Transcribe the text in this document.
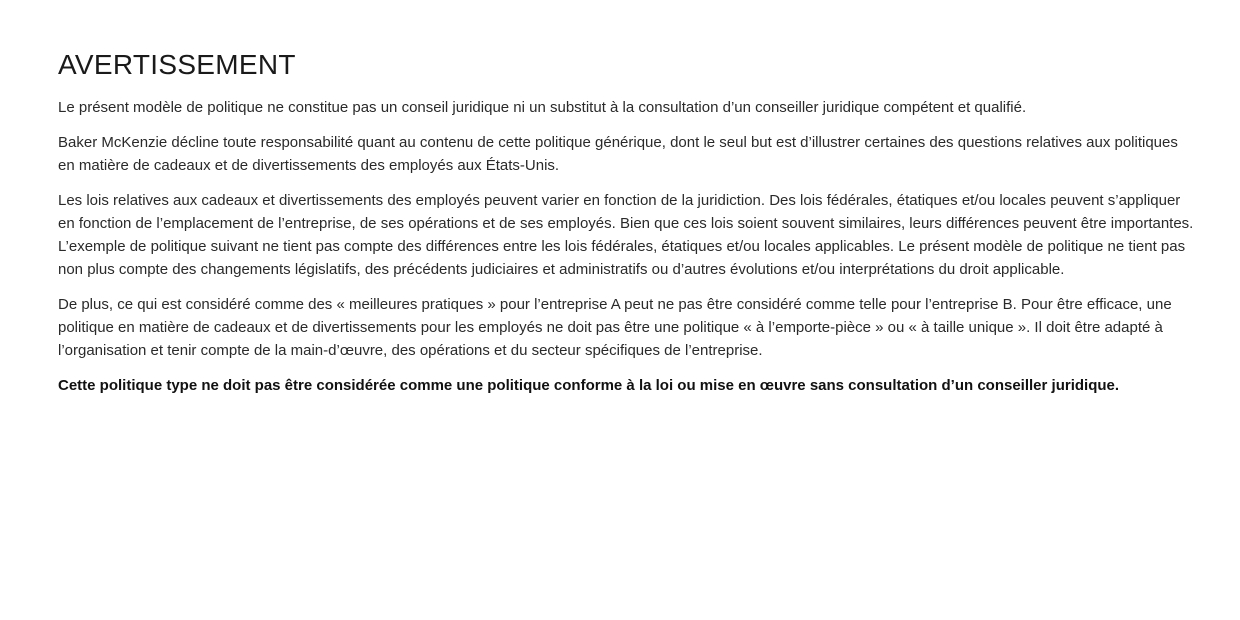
AVERTISSEMENT

Le présent modèle de politique ne constitue pas un conseil juridique ni un substitut à la consultation d’un conseiller juridique compétent et qualifié.

Baker McKenzie décline toute responsabilité quant au contenu de cette politique générique, dont le seul but est d’illustrer certaines des questions relatives aux politiques en matière de cadeaux et de divertissements des employés aux États-Unis.

Les lois relatives aux cadeaux et divertissements des employés peuvent varier en fonction de la juridiction. Des lois fédérales, étatiques et/ou locales peuvent s’appliquer en fonction de l’emplacement de l’entreprise, de ses opérations et de ses employés. Bien que ces lois soient souvent similaires, leurs différences peuvent être importantes. L’exemple de politique suivant ne tient pas compte des différences entre les lois fédérales, étatiques et/ou locales applicables. Le présent modèle de politique ne tient pas non plus compte des changements législatifs, des précédents judiciaires et administratifs ou d’autres évolutions et/ou interprétations du droit applicable.

De plus, ce qui est considéré comme des « meilleures pratiques » pour l’entreprise A peut ne pas être considéré comme telle pour l’entreprise B. Pour être efficace, une politique en matière de cadeaux et de divertissements pour les employés ne doit pas être une politique « à l’emporte-pièce » ou « à taille unique ». Il doit être adapté à l’organisation et tenir compte de la main-d’œuvre, des opérations et du secteur spécifiques de l’entreprise.

Cette politique type ne doit pas être considérée comme une politique conforme à la loi ou mise en œuvre sans consultation d’un conseiller juridique.
